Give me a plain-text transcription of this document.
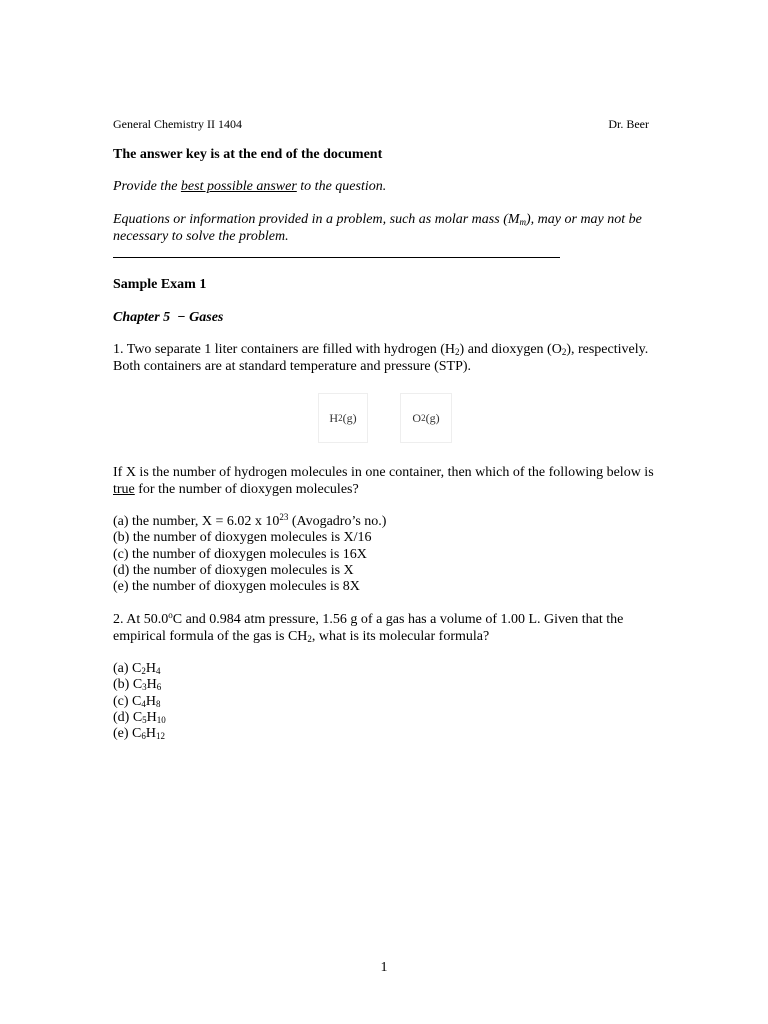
General Chemistry II 1404	Dr. Beer
The answer key is at the end of the document
Provide the best possible answer to the question.
Equations or information provided in a problem, such as molar mass $(M_m)$, may or may not be
necessary to solve the problem.
Sample Exam 1
Chapter 5  − Gases
1. Two separate 1 liter containers are filled with hydrogen $(H_2)$ and dioxygen $(O_2)$, respectively.
Both containers are at standard temperature and pressure (STP).
H 2 (g)	O 2 (g)
If X is the number of hydrogen molecules in one container, then which of the following below is
true for the number of dioxygen molecules?
(a) the number, X = 6.02 x $10^{23}$ (Avogadro’s no.)
(b) the number of dioxygen molecules is X/16
(c) the number of dioxygen molecules is 16X
(d) the number of dioxygen molecules is X
(e) the number of dioxygen molecules is 8X
2. At 50.0$^o$C and 0.984 atm pressure, 1.56 g of a gas has a volume of 1.00 L. Given that the
empirical formula of the gas is $CH_2$, what is its molecular formula?
(a) $C_2H_4$
(b) $C_3H_6$
(c) $C_4H_8$
(d) $C_5H_{10}$
(e) $C_6H_{12}$
1
